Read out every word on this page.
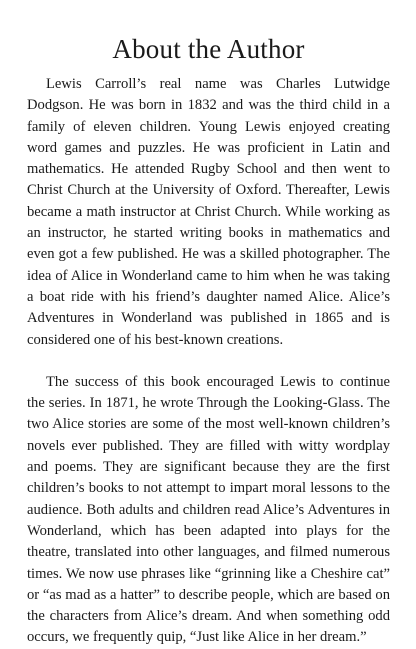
About the Author

Lewis Carroll’s real name was Charles Lutwidge Dodgson. He was born in 1832 and was the third child in a family of eleven children. Young Lewis enjoyed creating word games and puzzles. He was proficient in Latin and mathematics. He attended Rugby School and then went to Christ Church at the University of Oxford. Thereafter, Lewis became a math instructor at Christ Church. While working as an instructor, he started writing books in mathematics and even got a few published. He was a skilled photographer. The idea of Alice in Wonderland came to him when he was taking a boat ride with his friend’s daughter named Alice. Alice’s Adventures in Wonderland was published in 1865 and is considered one of his best-known creations.

The success of this book encouraged Lewis to continue the series. In 1871, he wrote Through the Looking-Glass. The two Alice stories are some of the most well-known children’s novels ever published. They are filled with witty wordplay and poems. They are significant because they are the first children’s books to not attempt to impart moral lessons to the audience. Both adults and children read Alice’s Adventures in Wonderland, which has been adapted into plays for the theatre, translated into other languages, and filmed numerous times. We now use phrases like “grinning like a Cheshire cat” or “as mad as a hatter” to describe people, which are based on the characters from Alice’s dream. And when something odd occurs, we frequently quip, “Just like Alice in her dream.”
